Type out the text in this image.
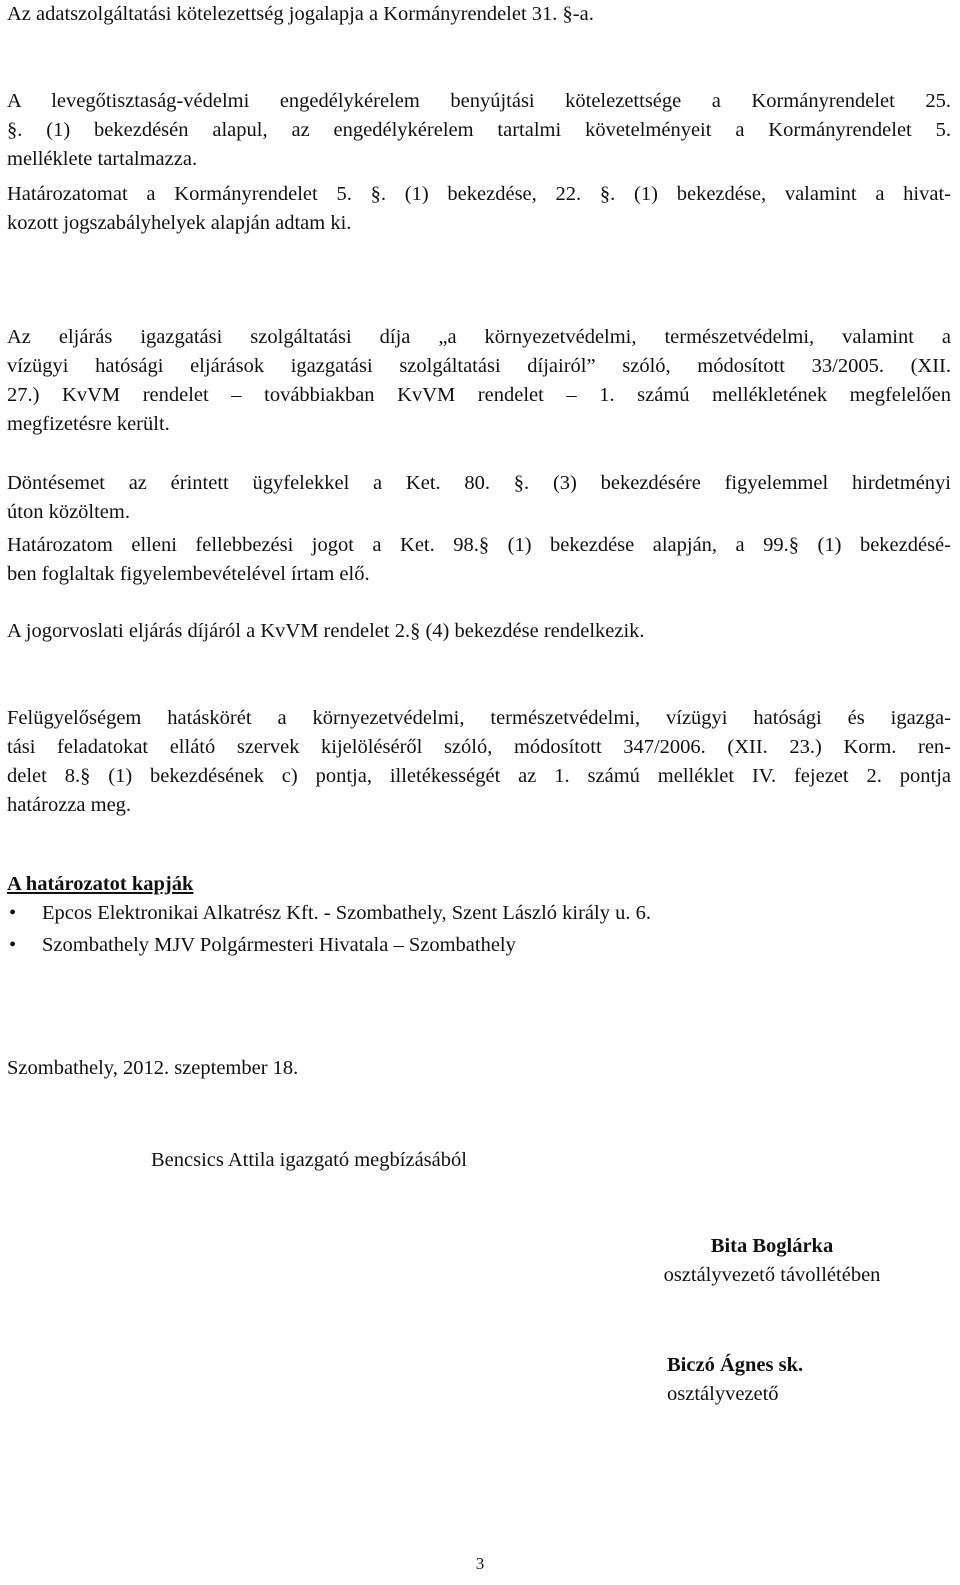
Az adatszolgáltatási kötelezettség jogalapja a Kormányrendelet 31. §-a.

A levegőtisztaság-védelmi engedélykérelem benyújtási kötelezettsége a Kormányrendelet 25.
§. (1) bekezdésén alapul, az engedélykérelem tartalmi követelményeit a Kormányrendelet 5.
melléklete tartalmazza.

Határozatomat a Kormányrendelet 5. §. (1) bekezdése, 22. §. (1) bekezdése, valamint a hivat-
kozott jogszabályhelyek alapján adtam ki.

Az eljárás igazgatási szolgáltatási díja „a környezetvédelmi, természetvédelmi, valamint a
vízügyi hatósági eljárások igazgatási szolgáltatási díjairól” szóló, módosított 33/2005. (XII.
27.) KvVM rendelet – továbbiakban KvVM rendelet – 1. számú mellékletének megfelelően
megfizetésre került.

Döntésemet az érintett ügyfelekkel a Ket. 80. §. (3) bekezdésére figyelemmel hirdetményi
úton közöltem.

Határozatom elleni fellebbezési jogot a Ket. 98.§ (1) bekezdése alapján, a 99.§ (1) bekezdésé-
ben foglaltak figyelembevételével írtam elő.

A jogorvoslati eljárás díjáról a KvVM rendelet 2.§ (4) bekezdése rendelkezik.

Felügyelőségem hatáskörét a környezetvédelmi, természetvédelmi, vízügyi hatósági és igazga-
tási feladatokat ellátó szervek kijelöléséről szóló, módosított 347/2006. (XII. 23.) Korm. ren-
delet 8.§ (1) bekezdésének c) pontja, illetékességét az 1. számú melléklet IV. fejezet 2. pontja
határozza meg.

A határozatot kapják
• Epcos Elektronikai Alkatrész Kft. - Szombathely, Szent László király u. 6.
• Szombathely MJV Polgármesteri Hivatala – Szombathely

Szombathely, 2012. szeptember 18.

Bencsics Attila igazgató megbízásából

Bita Boglárka
osztályvezető távollétében
Biczó Ágnes sk.
osztályvezető
3
